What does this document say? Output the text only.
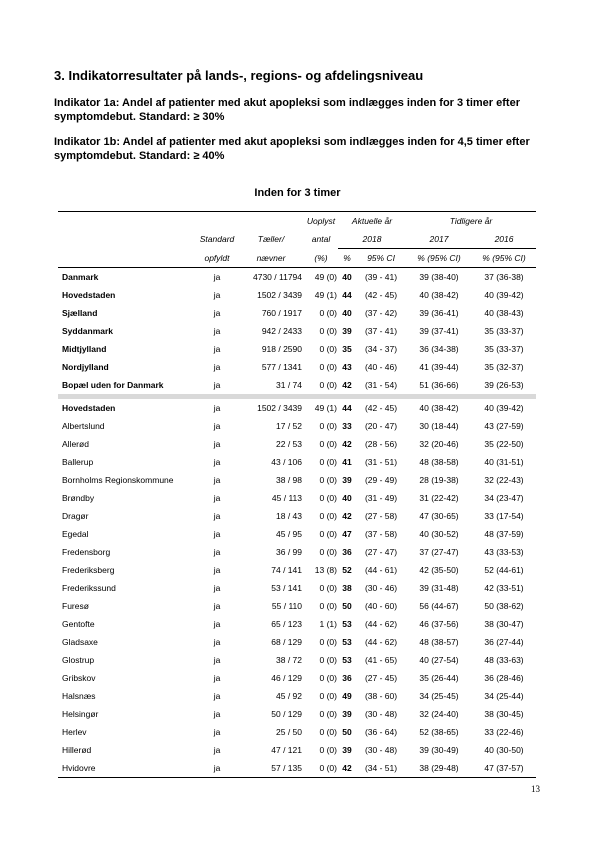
3. Indikatorresultater på lands-, regions- og afdelingsniveau

Indikator 1a: Andel af patienter med akut apopleksi som indlægges inden for 3 timer efter symptomdebut. Standard: ≥ 30%

Indikator 1b: Andel af patienter med akut apopleksi som indlægges inden for 4,5 timer efter symptomdebut. Standard: ≥ 40%

Inden for 3 timer

			Uoplyst	Aktuelle år		Tidligere år	
	Standard	Tæller/	antal	2018		2017	2016
	opfyldt	nævner	(%)	%	95% CI	% (95% CI)	% (95% CI)
Danmark	ja	4730 / 11794	49 (0)	40	(39 - 41)	39 (38-40)	37 (36-38)
Hovedstaden	ja	1502 / 3439	49 (1)	44	(42 - 45)	40 (38-42)	40 (39-42)
Sjælland	ja	760 / 1917	0 (0)	40	(37 - 42)	39 (36-41)	40 (38-43)
Syddanmark	ja	942 / 2433	0 (0)	39	(37 - 41)	39 (37-41)	35 (33-37)
Midtjylland	ja	918 / 2590	0 (0)	35	(34 - 37)	36 (34-38)	35 (33-37)
Nordjylland	ja	577 / 1341	0 (0)	43	(40 - 46)	41 (39-44)	35 (32-37)
Bopæl uden for Danmark	ja	31 / 74	0 (0)	42	(31 - 54)	51 (36-66)	39 (26-53)

Hovedstaden	ja	1502 / 3439	49 (1)	44	(42 - 45)	40 (38-42)	40 (39-42)
Albertslund	ja	17 / 52	0 (0)	33	(20 - 47)	30 (18-44)	43 (27-59)
Allerød	ja	22 / 53	0 (0)	42	(28 - 56)	32 (20-46)	35 (22-50)
Ballerup	ja	43 / 106	0 (0)	41	(31 - 51)	48 (38-58)	40 (31-51)
Bornholms Regionskommune	ja	38 / 98	0 (0)	39	(29 - 49)	28 (19-38)	32 (22-43)
Brøndby	ja	45 / 113	0 (0)	40	(31 - 49)	31 (22-42)	34 (23-47)
Dragør	ja	18 / 43	0 (0)	42	(27 - 58)	47 (30-65)	33 (17-54)
Egedal	ja	45 / 95	0 (0)	47	(37 - 58)	40 (30-52)	48 (37-59)
Fredensborg	ja	36 / 99	0 (0)	36	(27 - 47)	37 (27-47)	43 (33-53)
Frederiksberg	ja	74 / 141	13 (8)	52	(44 - 61)	42 (35-50)	52 (44-61)
Frederikssund	ja	53 / 141	0 (0)	38	(30 - 46)	39 (31-48)	42 (33-51)
Furesø	ja	55 / 110	0 (0)	50	(40 - 60)	56 (44-67)	50 (38-62)
Gentofte	ja	65 / 123	1 (1)	53	(44 - 62)	46 (37-56)	38 (30-47)
Gladsaxe	ja	68 / 129	0 (0)	53	(44 - 62)	48 (38-57)	36 (27-44)
Glostrup	ja	38 / 72	0 (0)	53	(41 - 65)	40 (27-54)	48 (33-63)
Gribskov	ja	46 / 129	0 (0)	36	(27 - 45)	35 (26-44)	36 (28-46)
Halsnæs	ja	45 / 92	0 (0)	49	(38 - 60)	34 (25-45)	34 (25-44)
Helsingør	ja	50 / 129	0 (0)	39	(30 - 48)	32 (24-40)	38 (30-45)
Herlev	ja	25 / 50	0 (0)	50	(36 - 64)	52 (38-65)	33 (22-46)
Hillerød	ja	47 / 121	0 (0)	39	(30 - 48)	39 (30-49)	40 (30-50)
Hvidovre	ja	57 / 135	0 (0)	42	(34 - 51)	38 (29-48)	47 (37-57)
13
